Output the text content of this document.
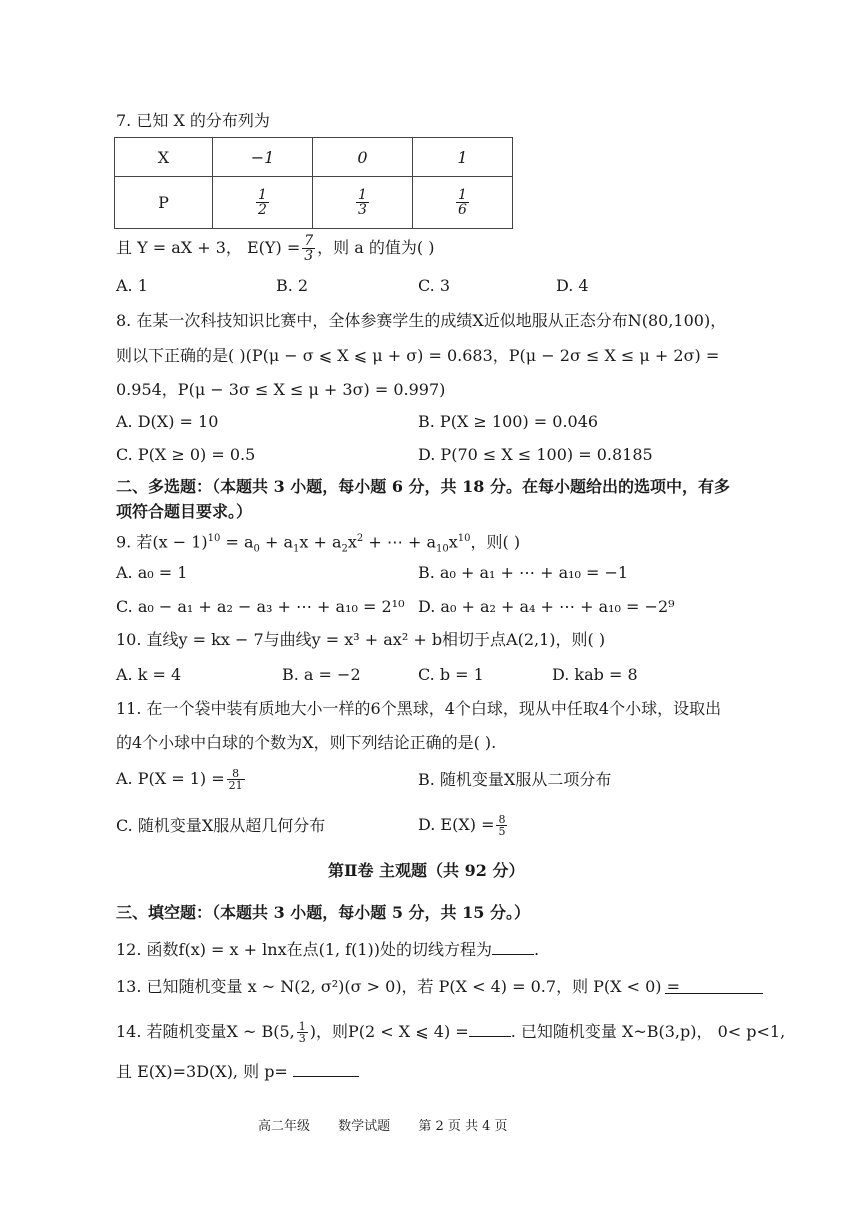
7. 已知 X 的分布列为
X	−1	0	1
P	$\frac{1}{2}$	$\frac{1}{3}$	$\frac{1}{6}$
且 Y = aX + 3， $E(Y) = \frac{7}{3}$ ，则 a 的值为( )
A. 1	B. 2	C. 3	D. 4
8. 在某一次科技知识比赛中，全体参赛学生的成绩X近似地服从正态分布N(80,100)，
则以下正确的是( )(P(μ − σ ⩽ X ⩽ μ + σ) = 0.683，P(μ − 2σ ≤ X ≤ μ + 2σ) =
0.954，P(μ − 3σ ≤ X ≤ μ + 3σ) = 0.997)
A. D(X) = 10	B. P(X ≥ 100) = 0.046
C. P(X ≥ 0) = 0.5	D. P(70 ≤ X ≤ 100) = 0.8185
二、多选题：（本题共 3 小题，每小题 6 分，共 18 分。在每小题给出的选项中，有多
项符合题目要求。）
9. 若$(x - 1)^{10} = a_0 + a_1x + a_2x^2$ + ⋯ + $a_{10}x^{10}$，则( )
A. a₀ = 1	B. a₀ + a₁ + ⋯ + a₁₀ = −1
C. a₀ − a₁ + a₂ − a₃ + ⋯ + a₁₀ = 2¹⁰ D. a₀ + a₂ + a₄ + ⋯ + a₁₀ = −2⁹
10. 直线y = kx − 7与曲线y = x³ + ax² + b相切于点A(2,1)，则( )
A. k = 4	B. a = −2	C. b = 1	D. kab = 8
11. 在一个袋中装有质地大小一样的6个黑球，4个白球，现从中任取4个小球，设取出
的4个小球中白球的个数为X，则下列结论正确的是( ).
A. $P(X = 1) = \frac{8}{21}$	B. 随机变量X服从二项分布
C. 随机变量X服从超几何分布	D. $E(X) = \frac{8}{5}$
第Ⅱ卷 主观题（共 92 分）
三、填空题：（本题共 3 小题，每小题 5 分，共 15 分。）
12. 函数f(x) = x + lnx在点(1, f(1))处的切线方程为	.
13. 已知随机变量 x ~ N(2, σ²)(σ > 0)，若 P(X < 4) = 0.7，则 P(X < 0) =
14. 若随机变量X ~ B(5, $\frac{1}{3}$ )，则P(2 < X ⩽ 4) =	. 已知随机变量 X~B(3,p)， 0< p<1,
且 E(X)=3D(X), 则 p=
高二年级 数学试题 第 2 页 共 4 页
